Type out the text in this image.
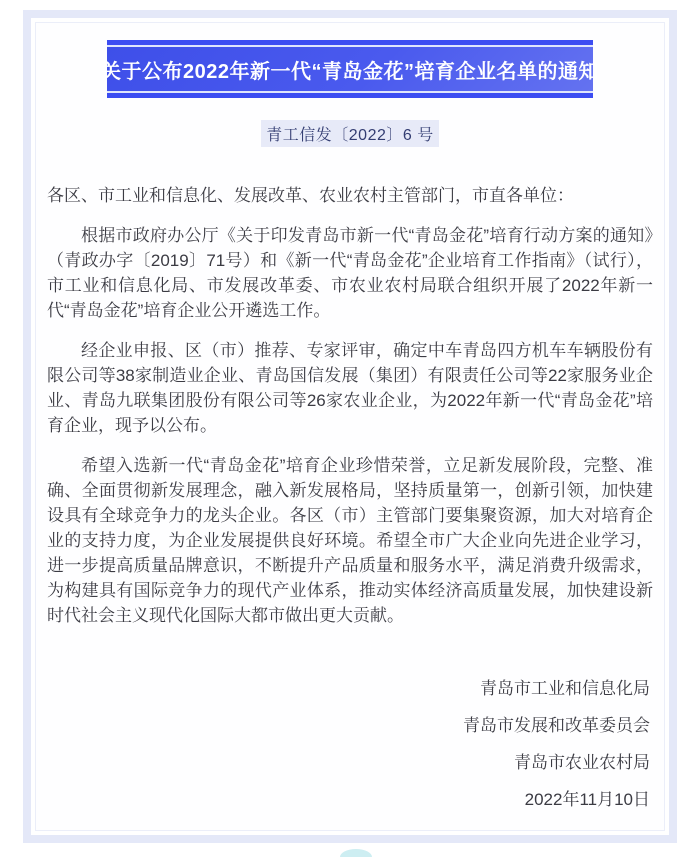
关于公布2022年新一代“青岛金花”培育企业名单的通知
青工信发〔2022〕6 号

各区、市工业和信息化、发展改革、农业农村主管部门，市直各单位：

根据市政府办公厅《关于印发青岛市新一代“青岛金花”培育行动方案的通知》（青政办字〔2019〕71号）和《新一代“青岛金花”企业培育工作指南》（试行），市工业和信息化局、市发展改革委、市农业农村局联合组织开展了2022年新一代“青岛金花”培育企业公开遴选工作。

经企业申报、区（市）推荐、专家评审，确定中车青岛四方机车车辆股份有限公司等38家制造业企业、青岛国信发展（集团）有限责任公司等22家服务业企业、青岛九联集团股份有限公司等26家农业企业，为2022年新一代“青岛金花”培育企业，现予以公布。

希望入选新一代“青岛金花”培育企业珍惜荣誉，立足新发展阶段，完整、准确、全面贯彻新发展理念，融入新发展格局，坚持质量第一，创新引领，加快建设具有全球竞争力的龙头企业。各区（市）主管部门要集聚资源，加大对培育企业的支持力度，为企业发展提供良好环境。希望全市广大企业向先进企业学习，进一步提高质量品牌意识，不断提升产品质量和服务水平，满足消费升级需求，为构建具有国际竞争力的现代产业体系，推动实体经济高质量发展，加快建设新时代社会主义现代化国际大都市做出更大贡献。

青岛市工业和信息化局
青岛市发展和改革委员会
青岛市农业农村局
2022年11月10日
